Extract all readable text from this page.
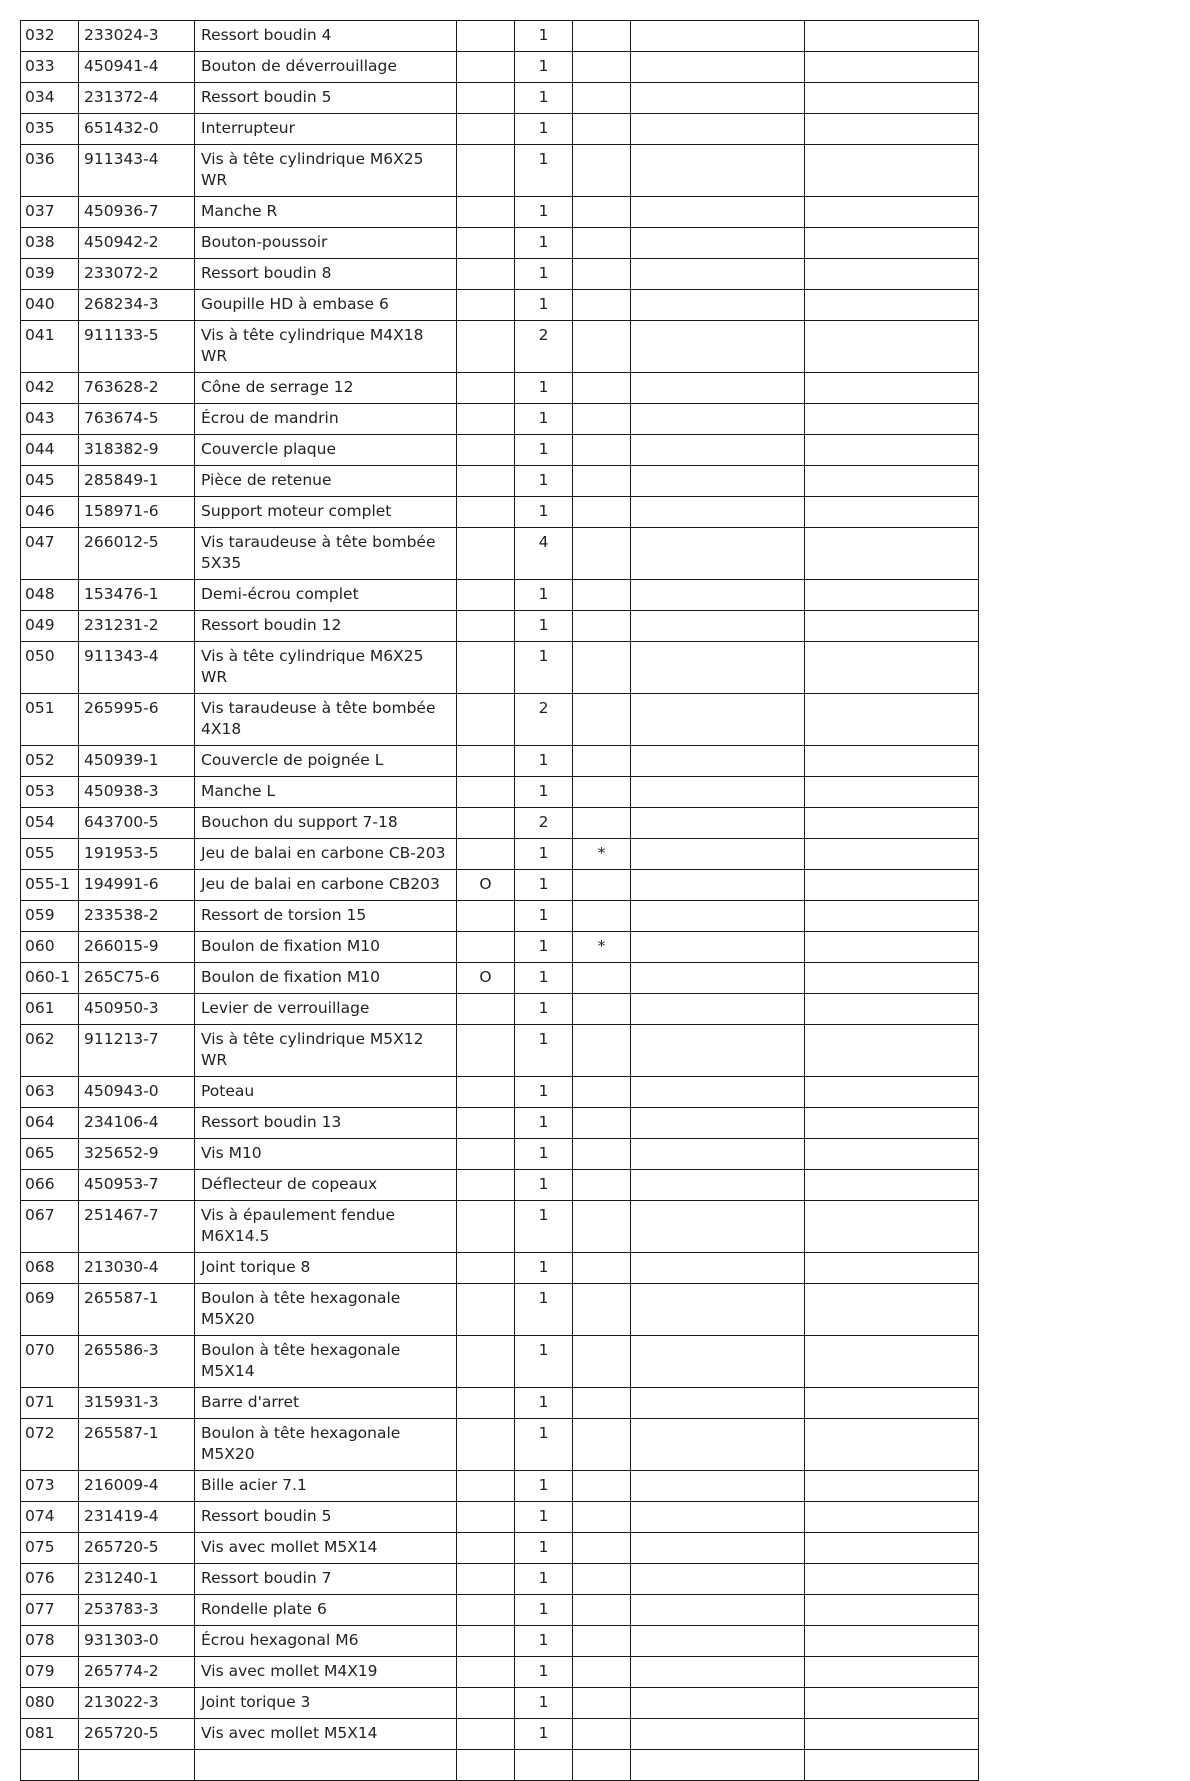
032	233024-3	Ressort boudin 4		1			
033	450941-4	Bouton de déverrouillage		1			
034	231372-4	Ressort boudin 5		1			
035	651432-0	Interrupteur		1			
036	911343-4	Vis à tête cylindrique M6X25 WR		1			
037	450936-7	Manche R		1			
038	450942-2	Bouton-poussoir		1			
039	233072-2	Ressort boudin 8		1			
040	268234-3	Goupille HD à embase 6		1			
041	911133-5	Vis à tête cylindrique M4X18 WR		2			
042	763628-2	Cône de serrage 12		1			
043	763674-5	Écrou de mandrin		1			
044	318382-9	Couvercle plaque		1			
045	285849-1	Pièce de retenue		1			
046	158971-6	Support moteur complet		1			
047	266012-5	Vis taraudeuse à tête bombée 5X35		4			
048	153476-1	Demi-écrou complet		1			
049	231231-2	Ressort boudin 12		1			
050	911343-4	Vis à tête cylindrique M6X25 WR		1			
051	265995-6	Vis taraudeuse à tête bombée 4X18		2			
052	450939-1	Couvercle de poignée L		1			
053	450938-3	Manche L		1			
054	643700-5	Bouchon du support 7-18		2			
055	191953-5	Jeu de balai en carbone CB-203		1	*		
055-1	194991-6	Jeu de balai en carbone CB203	O	1			
059	233538-2	Ressort de torsion 15		1			
060	266015-9	Boulon de fixation M10		1	*		
060-1	265C75-6	Boulon de fixation M10	O	1			
061	450950-3	Levier de verrouillage		1			
062	911213-7	Vis à tête cylindrique M5X12 WR		1			
063	450943-0	Poteau		1			
064	234106-4	Ressort boudin 13		1			
065	325652-9	Vis M10		1			
066	450953-7	Déflecteur de copeaux		1			
067	251467-7	Vis à épaulement fendue M6X14.5		1			
068	213030-4	Joint torique 8		1			
069	265587-1	Boulon à tête hexagonale M5X20		1			
070	265586-3	Boulon à tête hexagonale M5X14		1			
071	315931-3	Barre d'arret		1			
072	265587-1	Boulon à tête hexagonale M5X20		1			
073	216009-4	Bille acier 7.1		1			
074	231419-4	Ressort boudin 5		1			
075	265720-5	Vis avec mollet M5X14		1			
076	231240-1	Ressort boudin 7		1			
077	253783-3	Rondelle plate 6		1			
078	931303-0	Écrou hexagonal M6		1			
079	265774-2	Vis avec mollet M4X19		1			
080	213022-3	Joint torique 3		1			
081	265720-5	Vis avec mollet M5X14		1			
